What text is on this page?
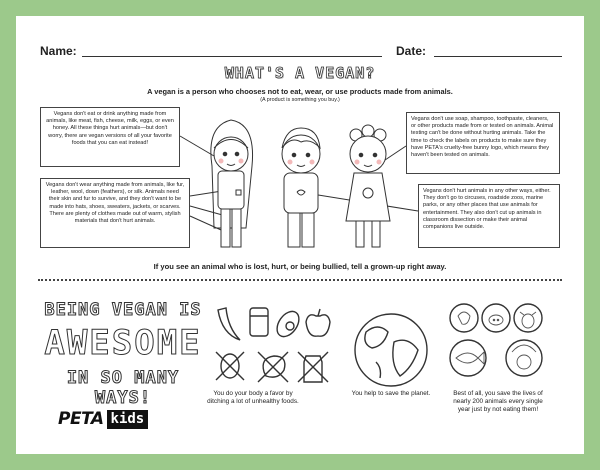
Name:	Date:
WHAT'S A VEGAN?
A vegan is a person who chooses not to eat, wear, or use products made from animals.
(A product is something you buy.)
Vegans don't eat or drink anything made from animals, like meat, fish, cheese, milk, eggs, or even honey. All these things hurt animals—but don't worry, there are vegan versions of all your favorite foods that you can eat instead!
Vegans don't wear anything made from animals, like fur, leather, wool, down (feathers), or silk. Animals need their skin and fur to survive, and they don't want to be made into hats, shoes, sweaters, jackets, or scarves. There are plenty of clothes made out of warm, stylish materials that don't hurt animals.
Vegans don't use soap, shampoo, toothpaste, cleaners, or other products made from or tested on animals. Animal testing can't be done without hurting animals. Take the time to check the labels on products to make sure they have PETA's cruelty-free bunny logo, which means they haven't been tested on animals.
Vegans don't hurt animals in any other ways, either. They don't go to circuses, roadside zoos, marine parks, or any other places that use animals for entertainment. They also don't cut up animals in classroom dissection or make their animal companions live outside.
If you see an animal who is lost, hurt, or being bullied, tell a grown-up right away.
BEING VEGAN IS
AWESOME
IN SO MANY WAYS!
PETA kids
You do your body a favor by ditching a lot of unhealthy foods.
You help to save the planet.	Best of all, you save the lives of nearly 200 animals every single year just by not eating them!
